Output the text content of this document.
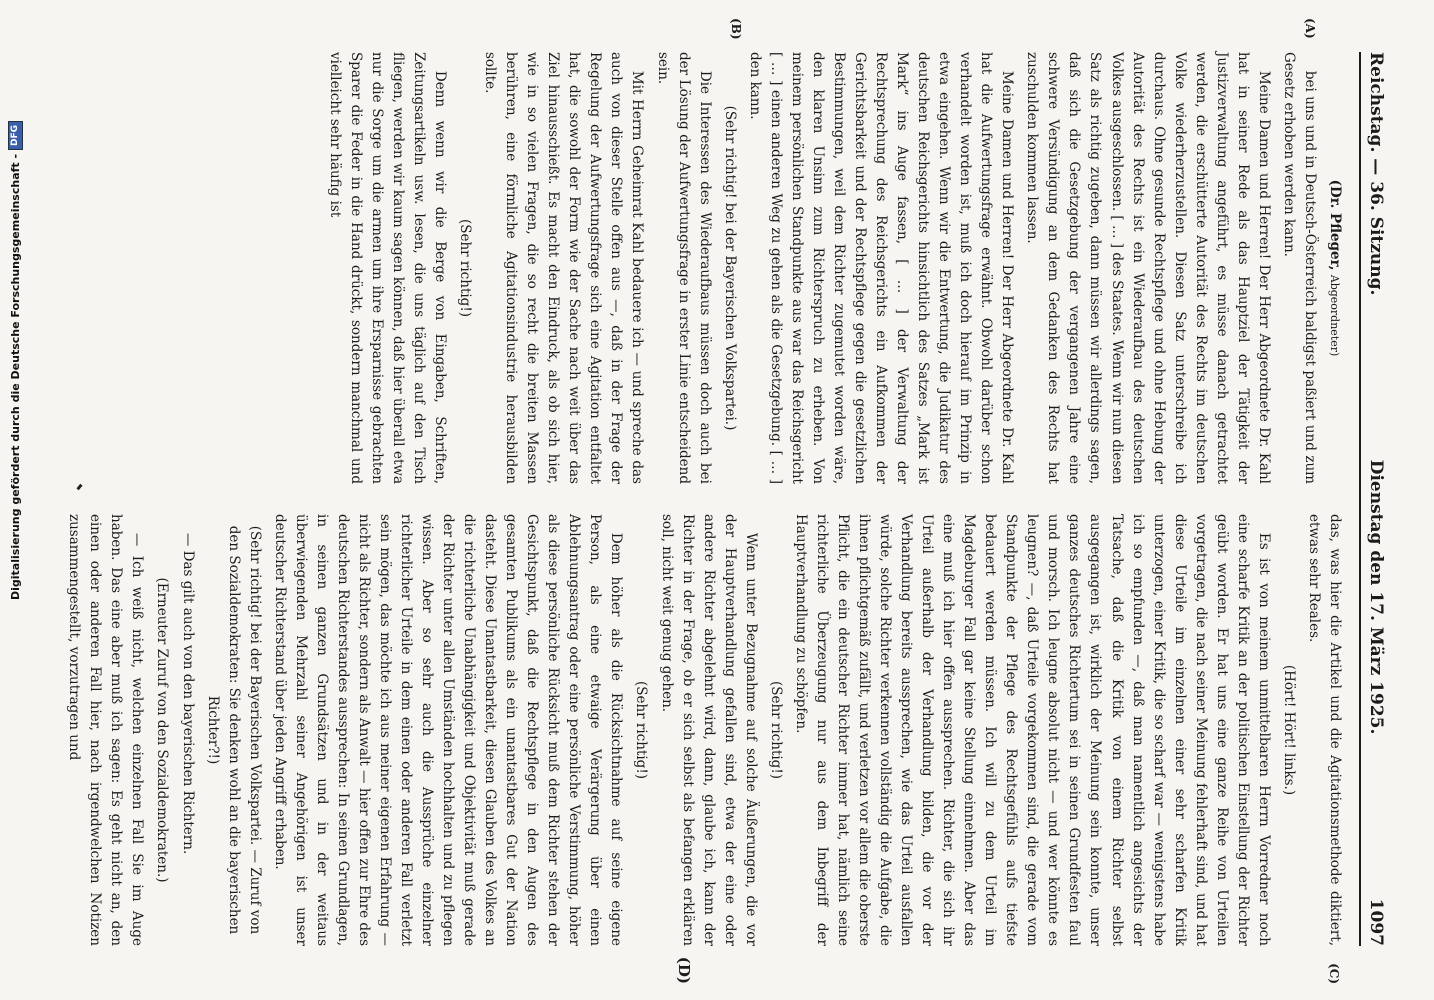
Reichstag. — 36. Sitzung.
Dienstag den 17. März 1925.
1097
(A)
(B)

(Dr. Pfleger, Abgeordneter)

bei uns und in Deutsch-Österreich baldigst paßiert und zum Gesetz erhoben werden kann.

Meine Damen und Herren! Der Herr Abgeordnete Dr. Kahl hat in seiner Rede als das Hauptziel der Tätigkeit der Justizverwaltung angeführt, es müsse danach getrachtet werden, die erschütterte Autorität des Rechts im deutschen Volke wiederherzustellen. Diesen Satz unterschreibe ich durchaus. Ohne gesunde Rechtspflege und ohne Hebung der Autorität des Rechts ist ein Wiederaufbau des deutschen Volkes ausgeschlossen. [ … ] des Staates. Wenn wir nun diesen Satz als richtig zugeben, dann müssen wir allerdings sagen, daß sich die Gesetzgebung der vergangenen Jahre eine schwere Versündigung an dem Gedanken des Rechts hat zuschulden kommen lassen.

Meine Damen und Herren! Der Herr Abgeordnete Dr. Kahl hat die Aufwertungsfrage erwähnt. Obwohl darüber schon verhandelt worden ist, muß ich doch hierauf im Prinzip in etwa eingehen. Wenn wir die Entwertung, die Judikatur des deutschen Reichsgerichts hinsichtlich des Satzes „Mark ist Mark“ ins Auge fassen, [ … ] der Verwaltung der Rechtsprechung des Reichsgerichts ein Aufkommen der Gerichtsbarkeit und der Rechtspflege gegen die gesetzlichen Bestimmungen, weil dem Richter zugemutet worden wäre, den klaren Unsinn zum Richterspruch zu erheben. Von meinem persönlichen Standpunkte aus war das Reichsgericht [ … ] einen anderen Weg zu gehen als die Gesetzgebung. [ … ] den kann.

(Sehr richtig! bei der Bayerischen Volkspartei.)

Die Interessen des Wiederaufbaus müssen doch auch bei der Lösung der Aufwertungsfrage in erster Linie entscheidend sein.

Mit Herrn Geheimrat Kahl bedauere ich — und spreche das auch von dieser Stelle offen aus —, daß in der Frage der Regelung der Aufwertungsfrage sich eine Agitation entfaltet hat, die sowohl der Form wie der Sache nach weit über das Ziel hinausschießt. Es macht den Eindruck, als ob sich hier, wie in so vielen Fragen, die so recht die breiten Massen berühren, eine förmliche Agitationsindustrie herausbilden sollte.

(Sehr richtig!)

Denn wenn wir die Berge von Eingaben, Schriften, Zeitungsartikeln usw. lesen, die uns täglich auf den Tisch fliegen, werden wir kaum sagen können, daß hier überall etwa nur die Sorge um die armen um ihre Ersparnisse gebrachten Sparer die Feder in die Hand drückt, sondern manchmal und vielleicht sehr häufig ist

(C)
(D)

das, was hier die Artikel und die Agitationsmethode diktiert, etwas sehr Reales.

(Hört! Hört! links.)

Es ist von meinem unmittelbaren Herrn Vorredner noch eine scharfe Kritik an der politischen Einstellung der Richter geübt worden. Er hat uns eine ganze Reihe von Urteilen vorgetragen, die nach seiner Meinung fehlerhaft sind, und hat diese Urteile im einzelnen einer sehr scharfen Kritik unterzogen, einer Kritik, die so scharf war — wenigstens habe ich so empfunden —, daß man namentlich angesichts der Tatsache, daß die Kritik von einem Richter selbst ausgegangen ist, wirklich der Meinung sein konnte, unser ganzes deutsches Richtertum sei in seinen Grundfesten faul und morsch. Ich leugne absolut nicht — und wer könnte es leugnen? —, daß Urteile vorgekommen sind, die gerade vom Standpunkte der Pflege des Rechtsgefühls aufs tiefste bedauert werden müssen. Ich will zu dem Urteil im Magdeburger Fall gar keine Stellung einnehmen. Aber das eine muß ich hier offen aussprechen. Richter, die sich ihr Urteil außerhalb der Verhandlung bilden, die vor der Verhandlung bereits aussprechen, wie das Urteil ausfallen würde, solche Richter verkennen vollständig die Aufgabe, die ihnen pflichtgemäß zufällt, und verletzen vor allem die oberste Pflicht, die ein deutscher Richter immer hat, nämlich seine richterliche Überzeugung nur aus dem Inbegriff der Hauptverhandlung zu schöpfen.

(Sehr richtig!)

Wenn unter Bezugnahme auf solche Äußerungen, die vor der Hauptverhandlung gefallen sind, etwa der eine oder andere Richter abgelehnt wird, dann, glaube ich, kann der Richter in der Frage, ob er sich selbst als befangen erklären soll, nicht weit genug gehen.

(Sehr richtig!)

Dem höher als die Rücksichtnahme auf seine eigene Person, als eine etwaige Verärgerung über einen Ablehnungsantrag oder eine persönliche Verstimmung, höher als diese persönliche Rücksicht muß dem Richter stehen der Gesichtspunkt, daß die Rechtspflege in den Augen des gesamten Publikums als ein unantastbares Gut der Nation dasteht. Diese Unantastbarkeit, diesen Glauben des Volkes an die richterliche Unabhängigkeit und Objektivität muß gerade der Richter unter allen Umständen hochhalten und zu pflegen wissen. Aber so sehr auch die Aussprüche einzelner richterlicher Urteile in dem einen oder anderen Fall verletzt sein mögen, das möchte ich aus meiner eigenen Erfahrung — nicht als Richter, sondern als Anwalt — hier offen zur Ehre des deutschen Richterstandes aussprechen: In seinen Grundlagen, in seinen ganzen Grundsätzen und in der weitaus überwiegenden Mehrzahl seiner Angehörigen ist unser deutscher Richterstand über jeden Angriff erhaben.

(Sehr richtig! bei der Bayerischen Volkspartei. — Zuruf von den Sozialdemokraten: Sie denken wohl an die bayerischen Richter?!)

— Das gilt auch von den bayerischen Richtern.

(Erneuter Zuruf von den Sozialdemokraten.)

— Ich weiß nicht, welchen einzelnen Fall Sie im Auge haben. Das eine aber muß ich sagen: Es geht nicht an, den einen oder anderen Fall hier, nach irgendwelchen Notizen zusammengestellt, vorzutragen und

Digitalisierung gefördert durch die Deutsche Forschungsgemeinschaft -
DFG
